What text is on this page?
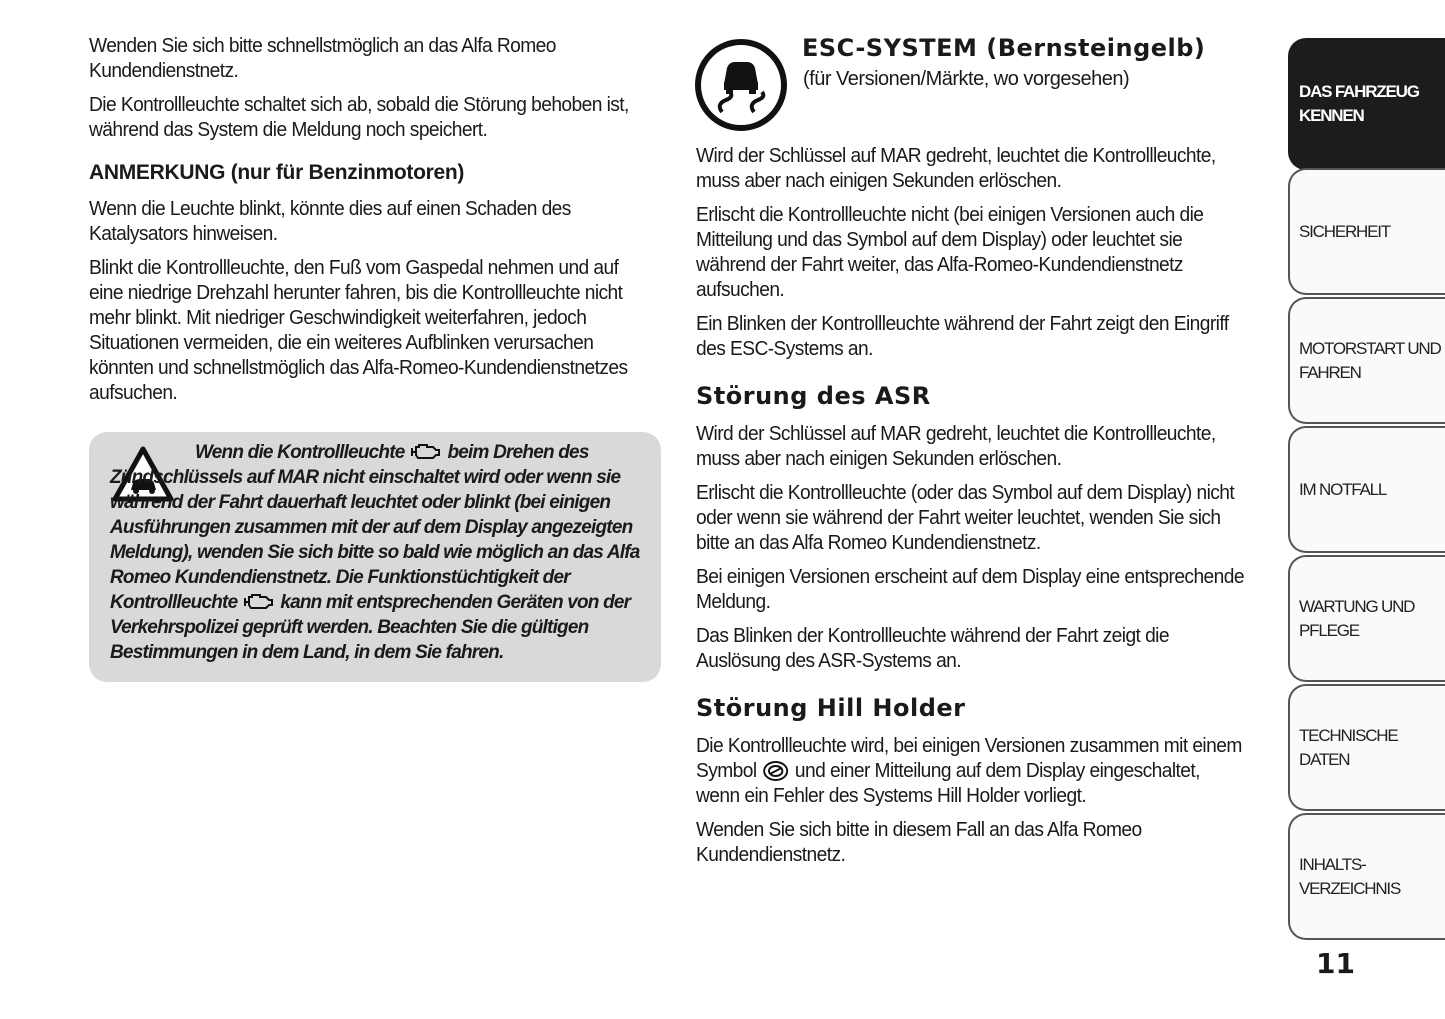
Wenden Sie sich bitte schnellstmöglich an das Alfa Romeo Kundendienstnetz.

Die Kontrollleuchte schaltet sich ab, sobald die Störung behoben ist, während das System die Meldung noch speichert.

ANMERKUNG (nur für Benzinmotoren)

Wenn die Leuchte blinkt, könnte dies auf einen Schaden des Katalysators hinweisen.

Blinkt die Kontrollleuchte, den Fuß vom Gaspedal nehmen und auf eine niedrige Drehzahl herunter fahren, bis die Kontrollleuchte nicht mehr blinkt. Mit niedriger Geschwindigkeit weiterfahren, jedoch Situationen vermeiden, die ein weiteres Aufblinken verursachen könnten und schnellstmöglich das Alfa-Romeo-Kundendienstnetzes aufsuchen.

Wenn die Kontrollleuchte beim Drehen des Zündschlüssels auf MAR nicht einschaltet wird oder wenn sie während der Fahrt dauerhaft leuchtet oder blinkt (bei einigen Ausführungen zusammen mit der auf dem Display angezeigten Meldung), wenden Sie sich bitte so bald wie möglich an das Alfa Romeo Kundendienstnetz. Die Funktionstüchtigkeit der Kontrollleuchte kann mit entsprechenden Geräten von der Verkehrspolizei geprüft werden. Beachten Sie die gültigen Bestimmungen in dem Land, in dem Sie fahren.
ESC-SYSTEM (Bernsteingelb)

(für Versionen/Märkte, wo vorgesehen)

Wird der Schlüssel auf MAR gedreht, leuchtet die Kontrollleuchte, muss aber nach einigen Sekunden erlöschen.

Erlischt die Kontrollleuchte nicht (bei einigen Versionen auch die Mitteilung und das Symbol auf dem Display) oder leuchtet sie während der Fahrt weiter, das Alfa-Romeo-Kundendienstnetz aufsuchen.

Ein Blinken der Kontrollleuchte während der Fahrt zeigt den Eingriff des ESC-Systems an.

Störung des ASR

Wird der Schlüssel auf MAR gedreht, leuchtet die Kontrollleuchte, muss aber nach einigen Sekunden erlöschen.

Erlischt die Kontrollleuchte (oder das Symbol auf dem Display) nicht oder wenn sie während der Fahrt weiter leuchtet, wenden Sie sich bitte an das Alfa Romeo Kundendienstnetz.

Bei einigen Versionen erscheint auf dem Display eine entsprechende Meldung.

Das Blinken der Kontrollleuchte während der Fahrt zeigt die Auslösung des ASR-Systems an.

Störung Hill Holder

Die Kontrollleuchte wird, bei einigen Versionen zusammen mit einem Symbol und einer Mitteilung auf dem Display eingeschaltet, wenn ein Fehler des Systems Hill Holder vorliegt.

Wenden Sie sich bitte in diesem Fall an das Alfa Romeo Kundendienstnetz.

DAS FAHRZEUG
KENNEN
SICHERHEIT
MOTORSTART UND
FAHREN
IM NOTFALL
WARTUNG UND
PFLEGE
TECHNISCHE DATEN
INHALTS-
VERZEICHNIS
11
